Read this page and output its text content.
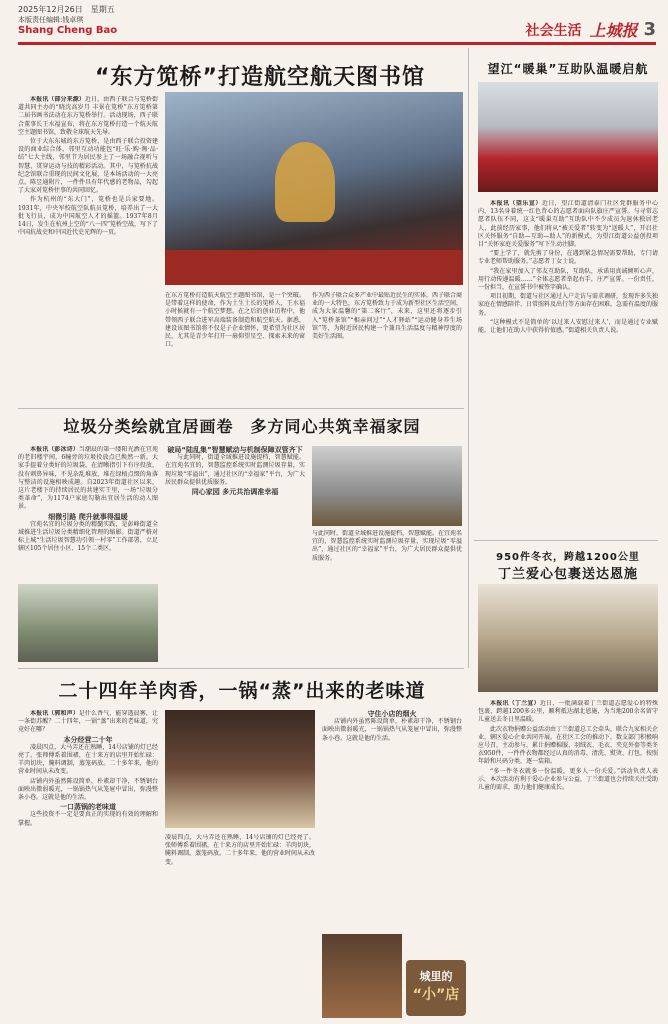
2025年12月26日　星期五
本版责任编辑:钱卓琪
Shang Cheng Bao	社会生活 上城报 3
“东方笕桥”打造航空航天图书馆

本报讯（部分来源）近日，由西子联合与笕桥街道共同主办的“晓沈高岁月 丰景在笕桥”东方笕桥第二届书画书法动在东方笕桥举行。活动现场，西子联合董事长王水福宣布，将在东方笕桥打造一个航天航空主题图书馆，致敬全球航天先导。

位于大东东城的东方笕桥，是由西子联合投资建设的商业综合体，邻里互动功能包“旺·乐·购·淘·品·结”七大主线，邻里节为居民参上了一场融合视听与智慧、贯穿运动与技的精彩活动。其中，与笕桥抗战纪念馆联合重现的民间文化展，是本场活动的一大亮点。陈昱通附片，一件件具有年代感的老物品，勾起了大家对笕桥往事的共同回忆。

作为杭州的“东大门”，笕桥也是兵家要地。1931年，中央军校航空队航员笕桥，培养出了一大批飞行员，成为中国航空人才的摇篮。1937年8月14日，发生在杭州上空的“八一四”笕桥空战，写下了中国抗战史和中国近代史光辉的一页。

在东方笕桥打造航天航空主题图书馆，是一个突破。是带着这样的使命，作为土生土长的笕桥人，王水福小时候就有一个航空梦想。在之后的创业历程中，他带领西子联合进军高端装备制造和航空航天。据悉，建设该图书馆将不仅是子企业情怀，更希望为社区居民，尤其是青少年打开一扇仰望星空、探索未来的窗口。
作为西子联合众多产业中最贴近民生的实体，西子联合商业的一大特色，东方笕桥致力于成为新型社区生活空间，成为大家温馨的“第二客厅”，未来，这里还将逐步引入“笕桥茶馆”“相亲问过”“人才驿站”“运动健身养生场馆”等，为附近居民构建一个兼具生活温度与精神厚度的美好生活圈。
望江“暖巢”互助队温暖启航

本报讯（望乐宣）近日，望江街道清泰门社区党群服务中心内，13名身着统一红色背心的志愿者面向队旗庄严宣誓。与寻常志愿者队伍不同，这支“暖巢互助”互助队中不少成员为退休独居老人，此前经历家事，他们将从“被关爱者”转变为“送暖人”，开启社区关怀服务“自助—互助—助人”的新模式，为望江街道公益创投项目“关怀家庭关爱服务”写下生动注脚。

“要上学了，就先剪了身份，在遇到紧急情况需要帮助，专门请专业老师帮助服务。”志愿者丁女士说。

“我在家里加入了邻友互助队，互助队，承诺用真诚倾听心声，用行动传递温暖……”全体志愿者举起右手，庄严宣誓。一份责任，一份担当，在宣誓书中被签字确认。

项目初期，街道与社区通过入户走访与需求调研，发现许多失独家庭在情感陪伴、日常照料及出行等方面存在困难，急需有温度的服务。

“这种模式不是简单的‘以过来人安慰过来人’，而是通过专业赋能，让他们在助人中获得价值感。”街道相关负责人说。

垃圾分类绘就宜居画卷　多方同心共筑幸福家园

本报讯（彭冰诗）当潮晨的第一缕阳光洒在宜苑的老旧楼宇间，6幢旁的垃圾投放点已焕然一新。大家手提着分类好的垃圾袋，在清晰指引下有序投放，没有刺鼻异味，不见杂乱堆放，堆在绿植点缀的角落与整洁的设施相映成趣。自2023年街道社区以来，这片老楼下的持续居民的共建实干里，一场“垃圾分类革命”，为1174户家庭勾勒出宜居生活的动人图景。

细微引路 爬升就事得温暖

宜苑名宜的垃圾分类的精髓实践，是彭峰街道全域推进生活垃圾分类精细化管理的缩影。街道严格对标上城“生活垃圾智慧功引领一村零”工作部署，立足辖区105个居住小区、15个二类区。

破局“陆乱集”智慧赋动与机制保障双管齐下

与此同时，街道全域推进设施提档，智慧赋能。在宜苑名宜的，智慧监控系统实时监测垃圾存量，实现垃圾“零溢出”，通过社区的“幸福家”平台，为广大居民群众提供优质服务。

同心家园 多元共治调准幸福
与此同时，街道全域推进设施提档，智慧赋能。在宜苑名宜的，智慧监控系统实时监测垃圾存量，实现垃圾“零溢出”，通过社区的“幸福家”平台，为广大居民群众提供优质服务。	950件冬衣，跨越1200公里
丁兰爱心包裹送达恩施

本报讯（丁兰宣）近日，一批满载着丁兰街道志愿爱心的特殊包裹，跨越1200多公里，顺利抵达湖北恩施，为当地200余名留守儿童送去冬日里温暖。

此次衣物捐赠公益活动由丁兰街道总工会牵头，联合九家相关企业，辖区爱心企业共同开展。在社区工会的推动下，数支部门积极响应号召，主动参与，累计捐赠棉服、羽绒衣、毛衣、夹克外套等类冬衣950件，一件件衣物都经过认真的消毒、清洗、熨烫、打包，按照年龄和尺码分类，逐一装箱。

“多一件冬衣就多一份温暖，更多人一份关爱。”活动负责人表示，本次活动有利于爱心企业参与公益，丁兰街道也会持续关注受助儿童的需求，助力他们健康成长。

二十四年羊肉香，一锅“蒸”出来的老味道

本报讯（郭和声）是什么香气，能穿透晨雾，让一条街苏醒？二十四年，一锅“蒸”出来的老味道，究竟好在哪？

本分经营二十年

凌晨四点，大马弄还在熟睡，14号店铺的灯已经亮了。张师傅系着围裙，在十来方的店里开始忙碌：羊肉切块，腌料调制，蒸笼码放。二十多年来，他的营业时间从未改变。

店铺内外虽然陈设简单，朴素却干净，不锈钢台面映出微弱暖光，一锅锅热气从笼屉中冒出，弥漫整条小巷。这就是他的生活。

一口蒸锅的老味道

这些投资不一定是要真正的实现的有效的理解和掌握。

凌晨四点，大马弄还在熟睡，14号店铺的灯已经亮了。张师傅系着围裙，在十来方的店里开始忙碌：羊肉切块，腌料调制，蒸笼码放。二十多年来，他的营业时间从未改变。
守住小店的烟火

店铺内外虽然陈设简单，朴素却干净，不锈钢台面映出微弱暖光，一锅锅热气从笼屉中冒出，弥漫整条小巷。这就是他的生活。

城里的
“小”店
